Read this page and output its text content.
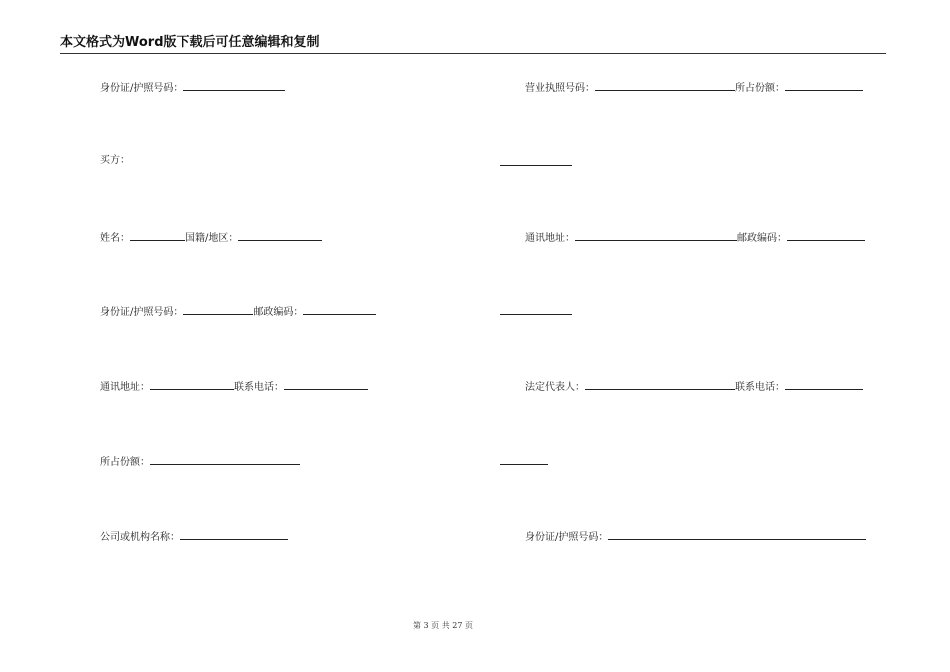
本文格式为Word版下载后可任意编辑和复制
身份证/护照号码：	营业执照号码：	所占份额：
买方：
姓名：	国籍/地区：	通讯地址：	邮政编码：
身份证/护照号码：	邮政编码：
通讯地址：	联系电话：	法定代表人：	联系电话：
所占份额：
公司或机构名称：	身份证/护照号码：
第 3 页 共 27 页
